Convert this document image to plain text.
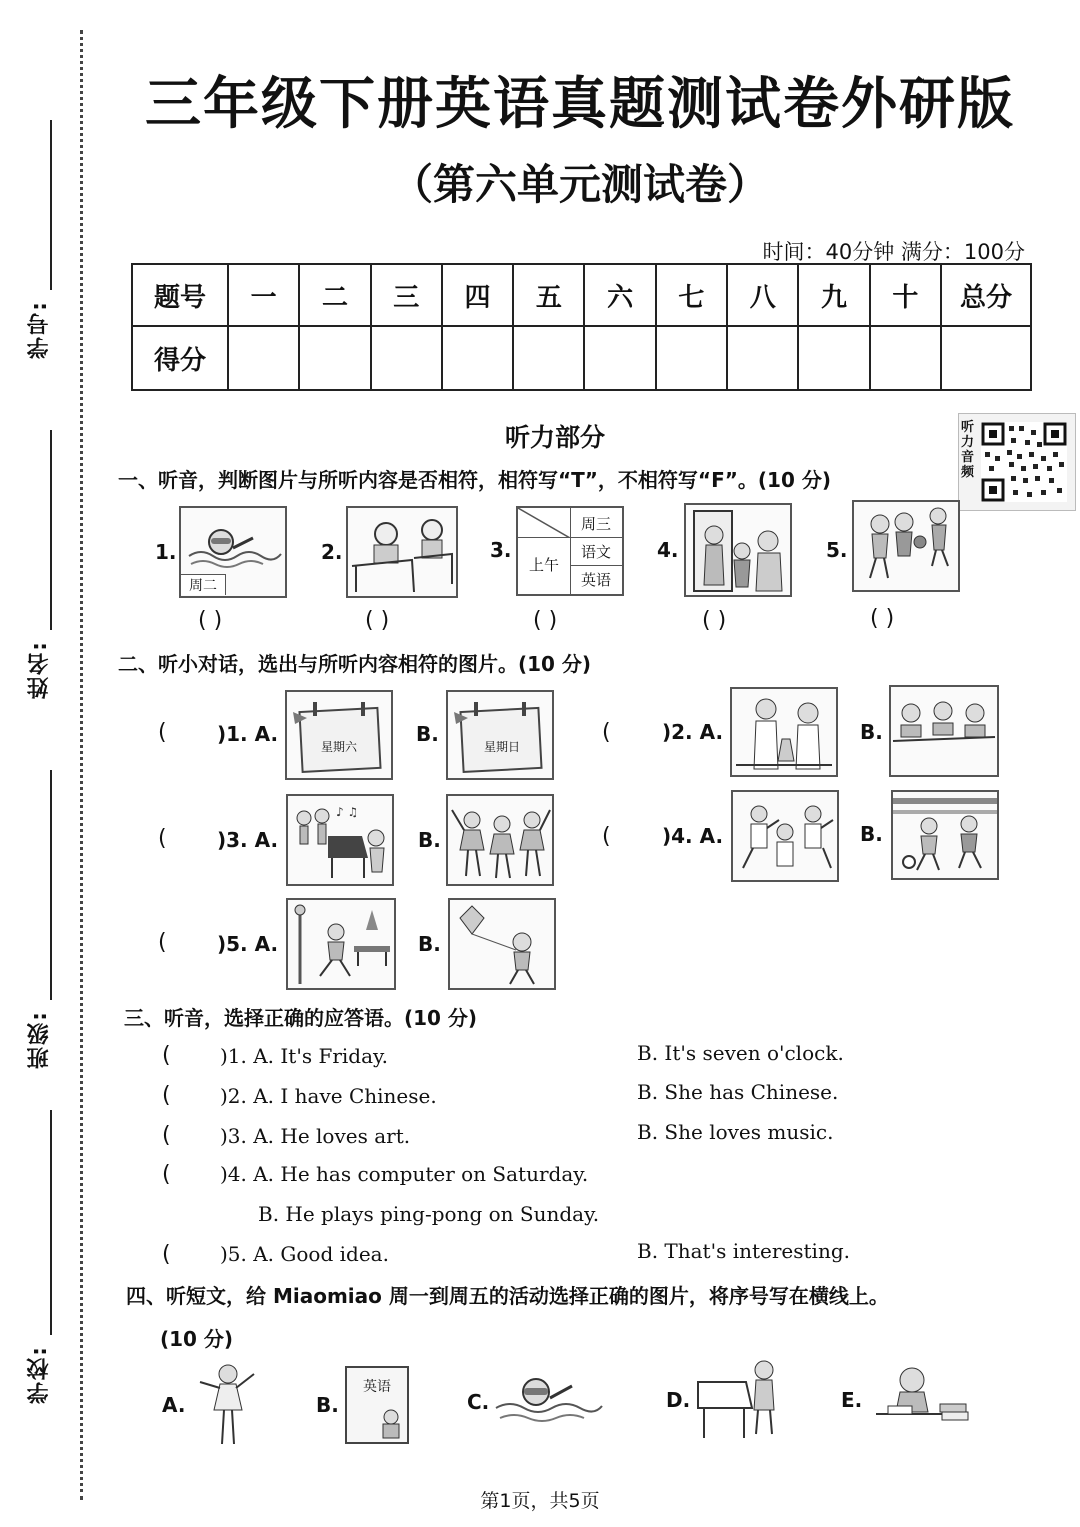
学号:
姓名:
班级:
学校:
三年级下册英语真题测试卷外研版
（第六单元测试卷）
时间：40分钟 满分：100分
题号	一	二	三	四	五	六	七	八	九	十	总分
得分											
听力部分	听力音频
一、听音，判断图片与所听内容是否相符，相符写“T”，不相符写“F”。(10 分)
1.
周二
( )
2.
( )
3.
周三
语文
英语
上午
( )
4.
( )
5.
( )
二、听小对话，选出与所听内容相符的图片。(10 分)
(	)1. A.
星期六
B.
星期日
(	)2. A.	B.
(	)3. A.
♪ ♫
B.	(	)4. A.	B.
(	)5. A.	B.
三、听音，选择正确的应答语。(10 分)
( )1. A. It's Friday.	B. It's seven o'clock.
( )2. A. I have Chinese.	B. She has Chinese.
( )3. A. He loves art.	B. She loves music.
( )4. A. He has computer on Saturday.
B. He plays ping-pong on Sunday.
( )5. A. Good idea.	B. That's interesting.
四、听短文，给 Miaomiao 周一到周五的活动选择正确的图片，将序号写在横线上。
(10 分)
A.	B.
英语
C.	D.	E.
第1页，共5页
